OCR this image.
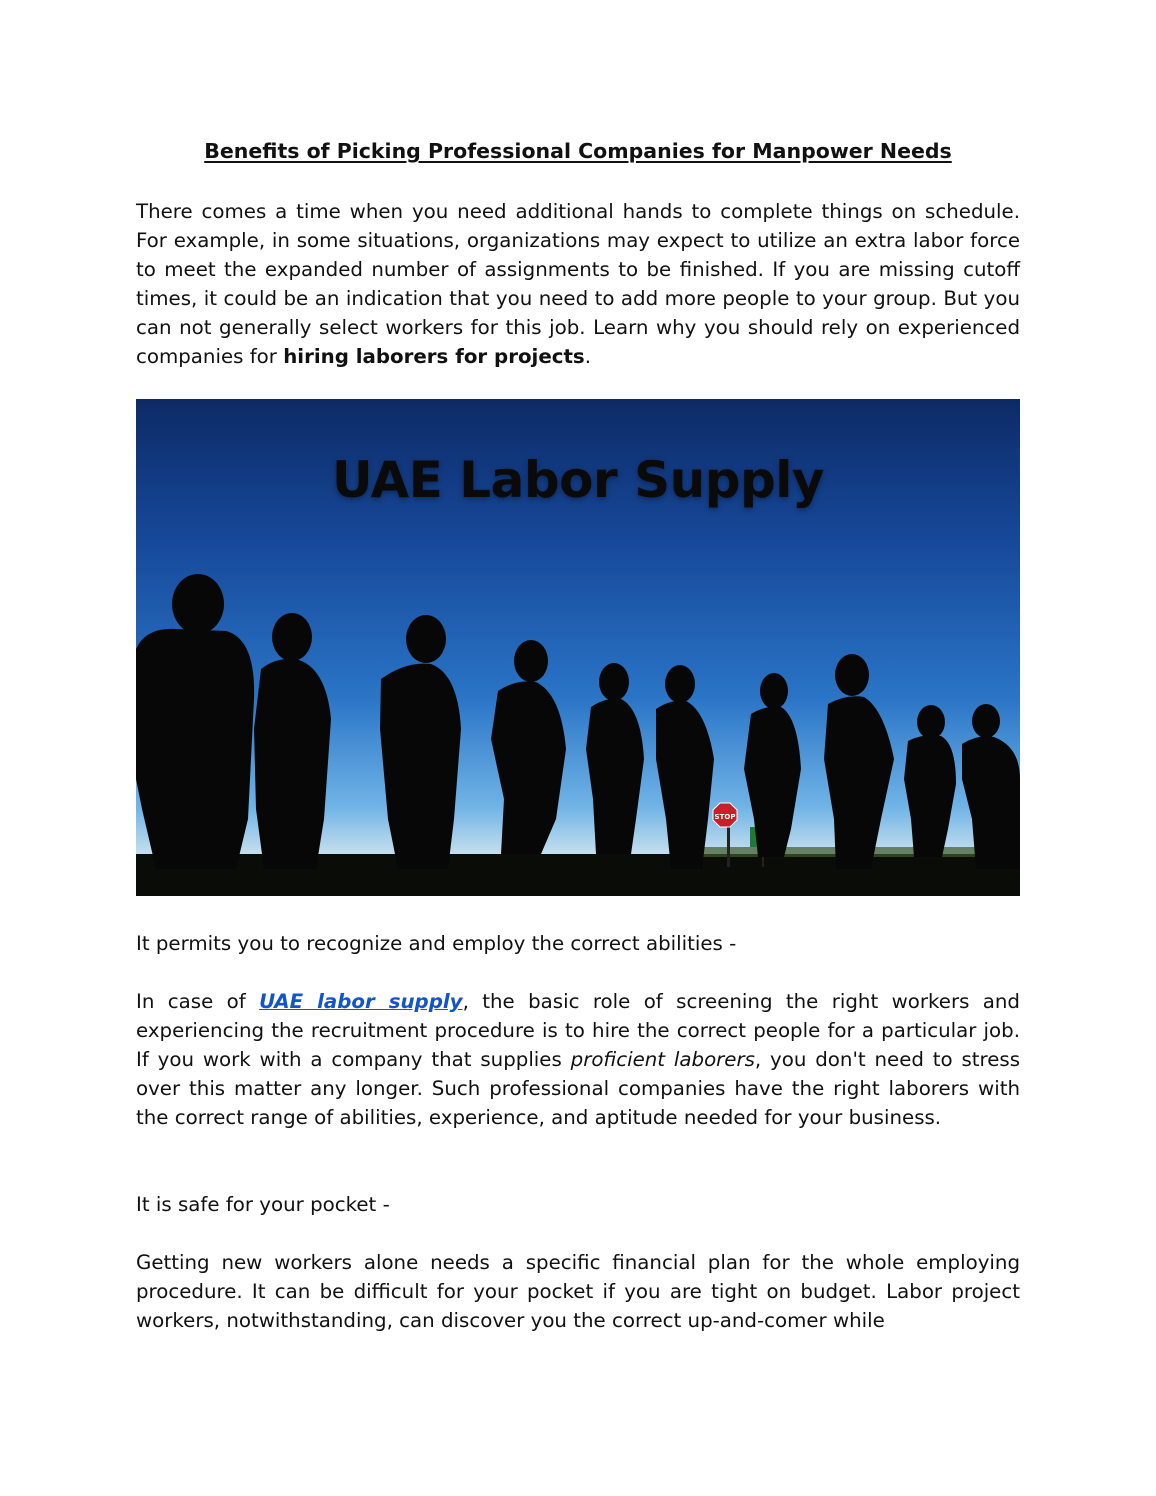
Benefits of Picking Professional Companies for Manpower Needs

There comes a time when you need additional hands to complete things on schedule. For example, in some situations, organizations may expect to utilize an extra labor force to meet the expanded number of assignments to be finished. If you are missing cutoff times, it could be an indication that you need to add more people to your group. But you can not generally select workers for this job. Learn why you should rely on experienced companies for hiring laborers for projects.

It permits you to recognize and employ the correct abilities -

In case of UAE labor supply, the basic role of screening the right workers and experiencing the recruitment procedure is to hire the correct people for a particular job. If you work with a company that supplies proficient laborers, you don't need to stress over this matter any longer. Such professional companies have the right laborers with the correct range of abilities, experience, and aptitude needed for your business.

It is safe for your pocket -

Getting new workers alone needs a specific financial plan for the whole employing procedure. It can be difficult for your pocket if you are tight on budget. Labor project workers, notwithstanding, can discover you the correct up-and-comer while

STOP
UAE Labor Supply
